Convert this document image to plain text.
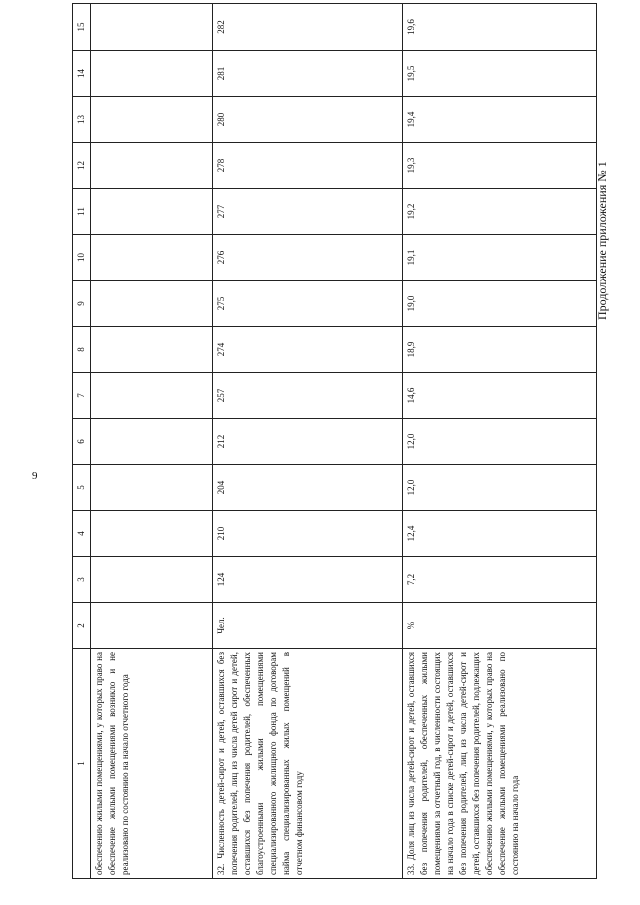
9
Продолжение приложения № 1
1	2	3	4	5	6	7	8	9	10	11	12	13	14	15
обеспечению жилыми помещениями, у которых право на обеспечение жилыми помещениями возникло и не реализовано по состоянию на начало отчетного года														
32. Численность детей-сирот и детей, оставшихся без попечения родителей, лиц из числа детей сирот и детей, оставшихся без попечения родителей, обеспеченных благоустроенными жилыми помещениями специализированного жилищного фонда по договорам найма специализированных жилых помещений в отчетном финансовом году	Чел.	124	210	204	212	257	274	275	276	277	278	280	281	282
33. Доля лиц из числа детей-сирот и детей, оставшихся без попечения родителей, обеспеченных жилыми помещениями за отчетный год, в численности состоящих на начало года в списке детей-сирот и детей, оставшихся без попечения родителей, лиц из числа детей-сирот и детей, оставшихся без попечения родителей, подлежащих обеспечению жилыми помещениями, у которых право на обеспечение жилыми помещениями реализовано по состоянию на начало года	%	7,2	12,4	12,0	12,0	14,6	18,9	19,0	19,1	19,2	19,3	19,4	19,5	19,6
